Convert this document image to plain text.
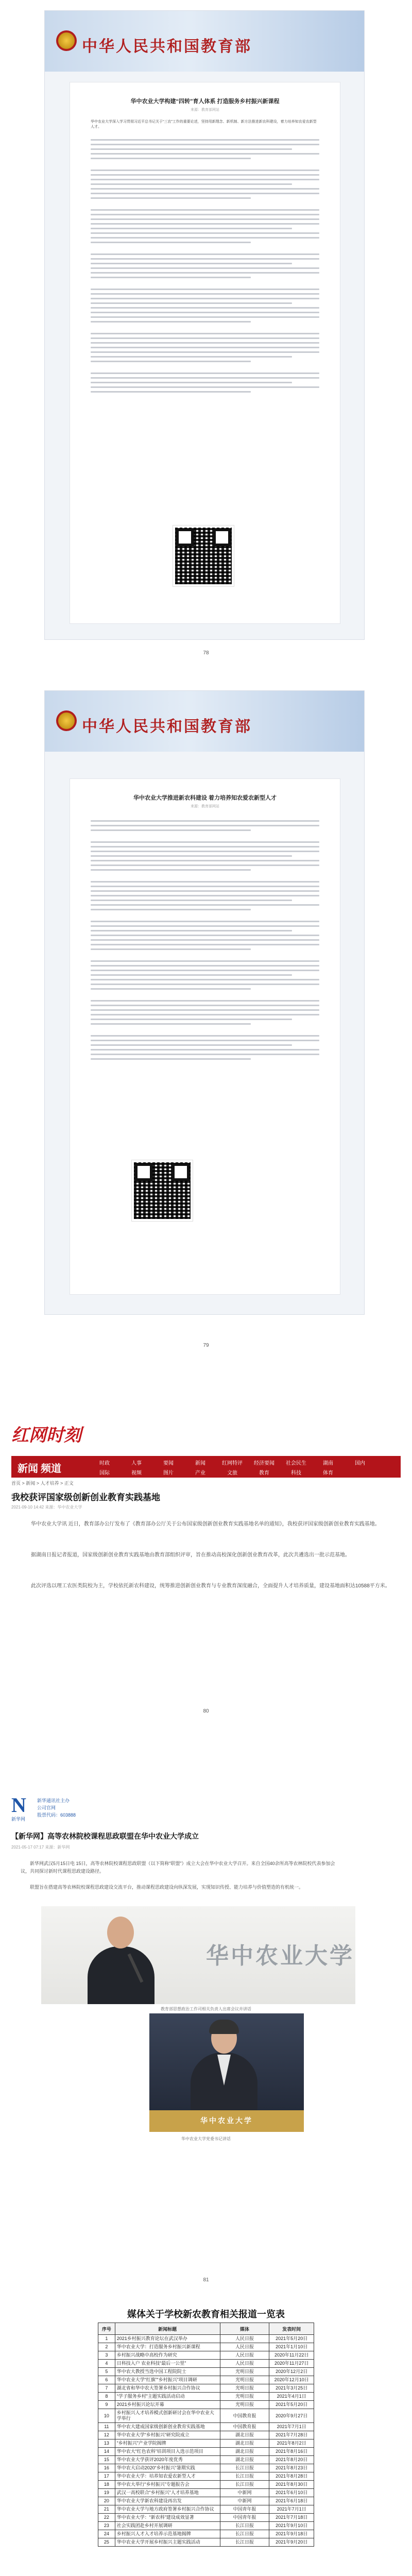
中华人民共和国教育部
华中农业大学构建“四转”育人体系 打造服务乡村振兴新课程
来源：教育部网站
华中农业大学深入学习贯彻习近平总书记关于“三农”工作的重要论述，坚持用新理念、新机制、新方法推进新农科建设，着力培养知农爱农新型人才。
78
中华人民共和国教育部
华中农业大学推进新农科建设 着力培养知农爱农新型人才
来源：教育部网站
79
红网时刻
新闻 频道	时政	人事	要闻	新闻	红网特评 经济要闻 社会民生	湖南	国内国际	视频	图片	产业	文旅	教育	科技	体育
首页 > 新闻 > 人才培养 > 正文
我校获评国家级创新创业教育实践基地
2021-09-10 14:42 来源：华中农业大学
华中农业大学讯 近日，教育部办公厅发布了《教育部办公厅关于公布国家级创新创业教育实践基地名单的通知》，我校获评国家级创新创业教育实践基地。
据湖南日报记者报道，国家级创新创业教育实践基地由教育部组织评审，旨在推动高校深化创新创业教育改革，此次共遴选出一批示范基地。
此次评选以理工农医类院校为主，学校依托新农科建设，统筹推进创新创业教育与专业教育深度融合，全面提升人才培养质量，建设基地面积达10588平方米。
80
N
新华网
新华通讯社主办
公司官网
股票代码：603888
【新华网】高等农林院校课程思政联盟在华中农业大学成立
2021-05-17 07:17 来源：新华网
新华网武汉5月15日电 15日，高等农林院校课程思政联盟（以下简称“联盟”）成立大会在华中农业大学召开。来自全国40余所高等农林院校代表参加会议，共同探讨新时代课程思政建设路径。
联盟旨在搭建高等农林院校课程思政建设交流平台，推动课程思政建设向纵深发展，实现知识传授、能力培养与价值塑造的有机统一。
华中农业大学
教育部思想政治工作司相关负责人出席会议并讲话
华中农业大学
华中农业大学党委书记讲话
81
媒体关于学校新农教育相关报道一览表
序号	新闻标题	媒体	发表时间
1	2021乡村振兴教育论坛在武汉举办	人民日报	2021年5月20日
2	华中农业大学：打造服务乡村振兴新课程	人民日报	2021年1月10日
3	乡村振兴战略中高校作为研究	人民日报	2020年11月22日
4	日科技入户 农业科技“最后一公里”	人民日报	2020年11月27日
5	华中农大教授当选中国工程院院士	光明日报	2020年12月2日
6	华中农业大学“红旗”“乡村振兴”项目调研	光明日报	2020年12月10日
7	湖北省和华中农大签署乡村振兴合作协议	光明日报	2021年3月25日
8	“学子服务乡村”主题实践活动启动	光明日报	2021年4月1日
9	2021乡村振兴论坛开幕	光明日报	2021年5月20日
10	乡村振兴人才培养模式创新研讨会在华中农业大学举行	中国教育报	2020年9月27日
11	华中农大建成国家级创新创业教育实践基地	中国教育报	2021年7月1日
12	华中农业大学“乡村振兴”研究院成立	湖北日报	2021年7月28日
13	“乡村振兴”产业学院揭牌	湖北日报	2021年8月2日
14	华中农大“红色农科”培训项目入选示范项目	湖北日报	2021年8月16日
15	华中农业大学获评2020年度优秀	湖北日报	2021年8月20日
16	华中农大启动2020“乡村振兴”暑期实践	长江日报	2021年8月23日
17	华中农业大学：培养知农爱农新型人才	长江日报	2021年8月28日
18	华中农大举行“乡村振兴”专题报告会	长江日报	2021年8月30日
19	武汉一高校联合“乡村振兴”人才培养基地	中新网	2021年6月10日
20	华中农业大学新农科建设再出发	中新网	2021年6月18日
21	华中农业大学与地方政府签署乡村振兴合作协议	中国青年报	2021年7月1日
22	华中农业大学：“新农科”建设成效显著	中国青年报	2021年7月18日
23	社会实践团赴乡村开展调研	长江日报	2021年9月10日
24	乡村振兴人才入才培养示范基地揭牌	长江日报	2021年9月18日
25	华中农业大学开展乡村振兴主题实践活动	长江日报	2021年9月20日
